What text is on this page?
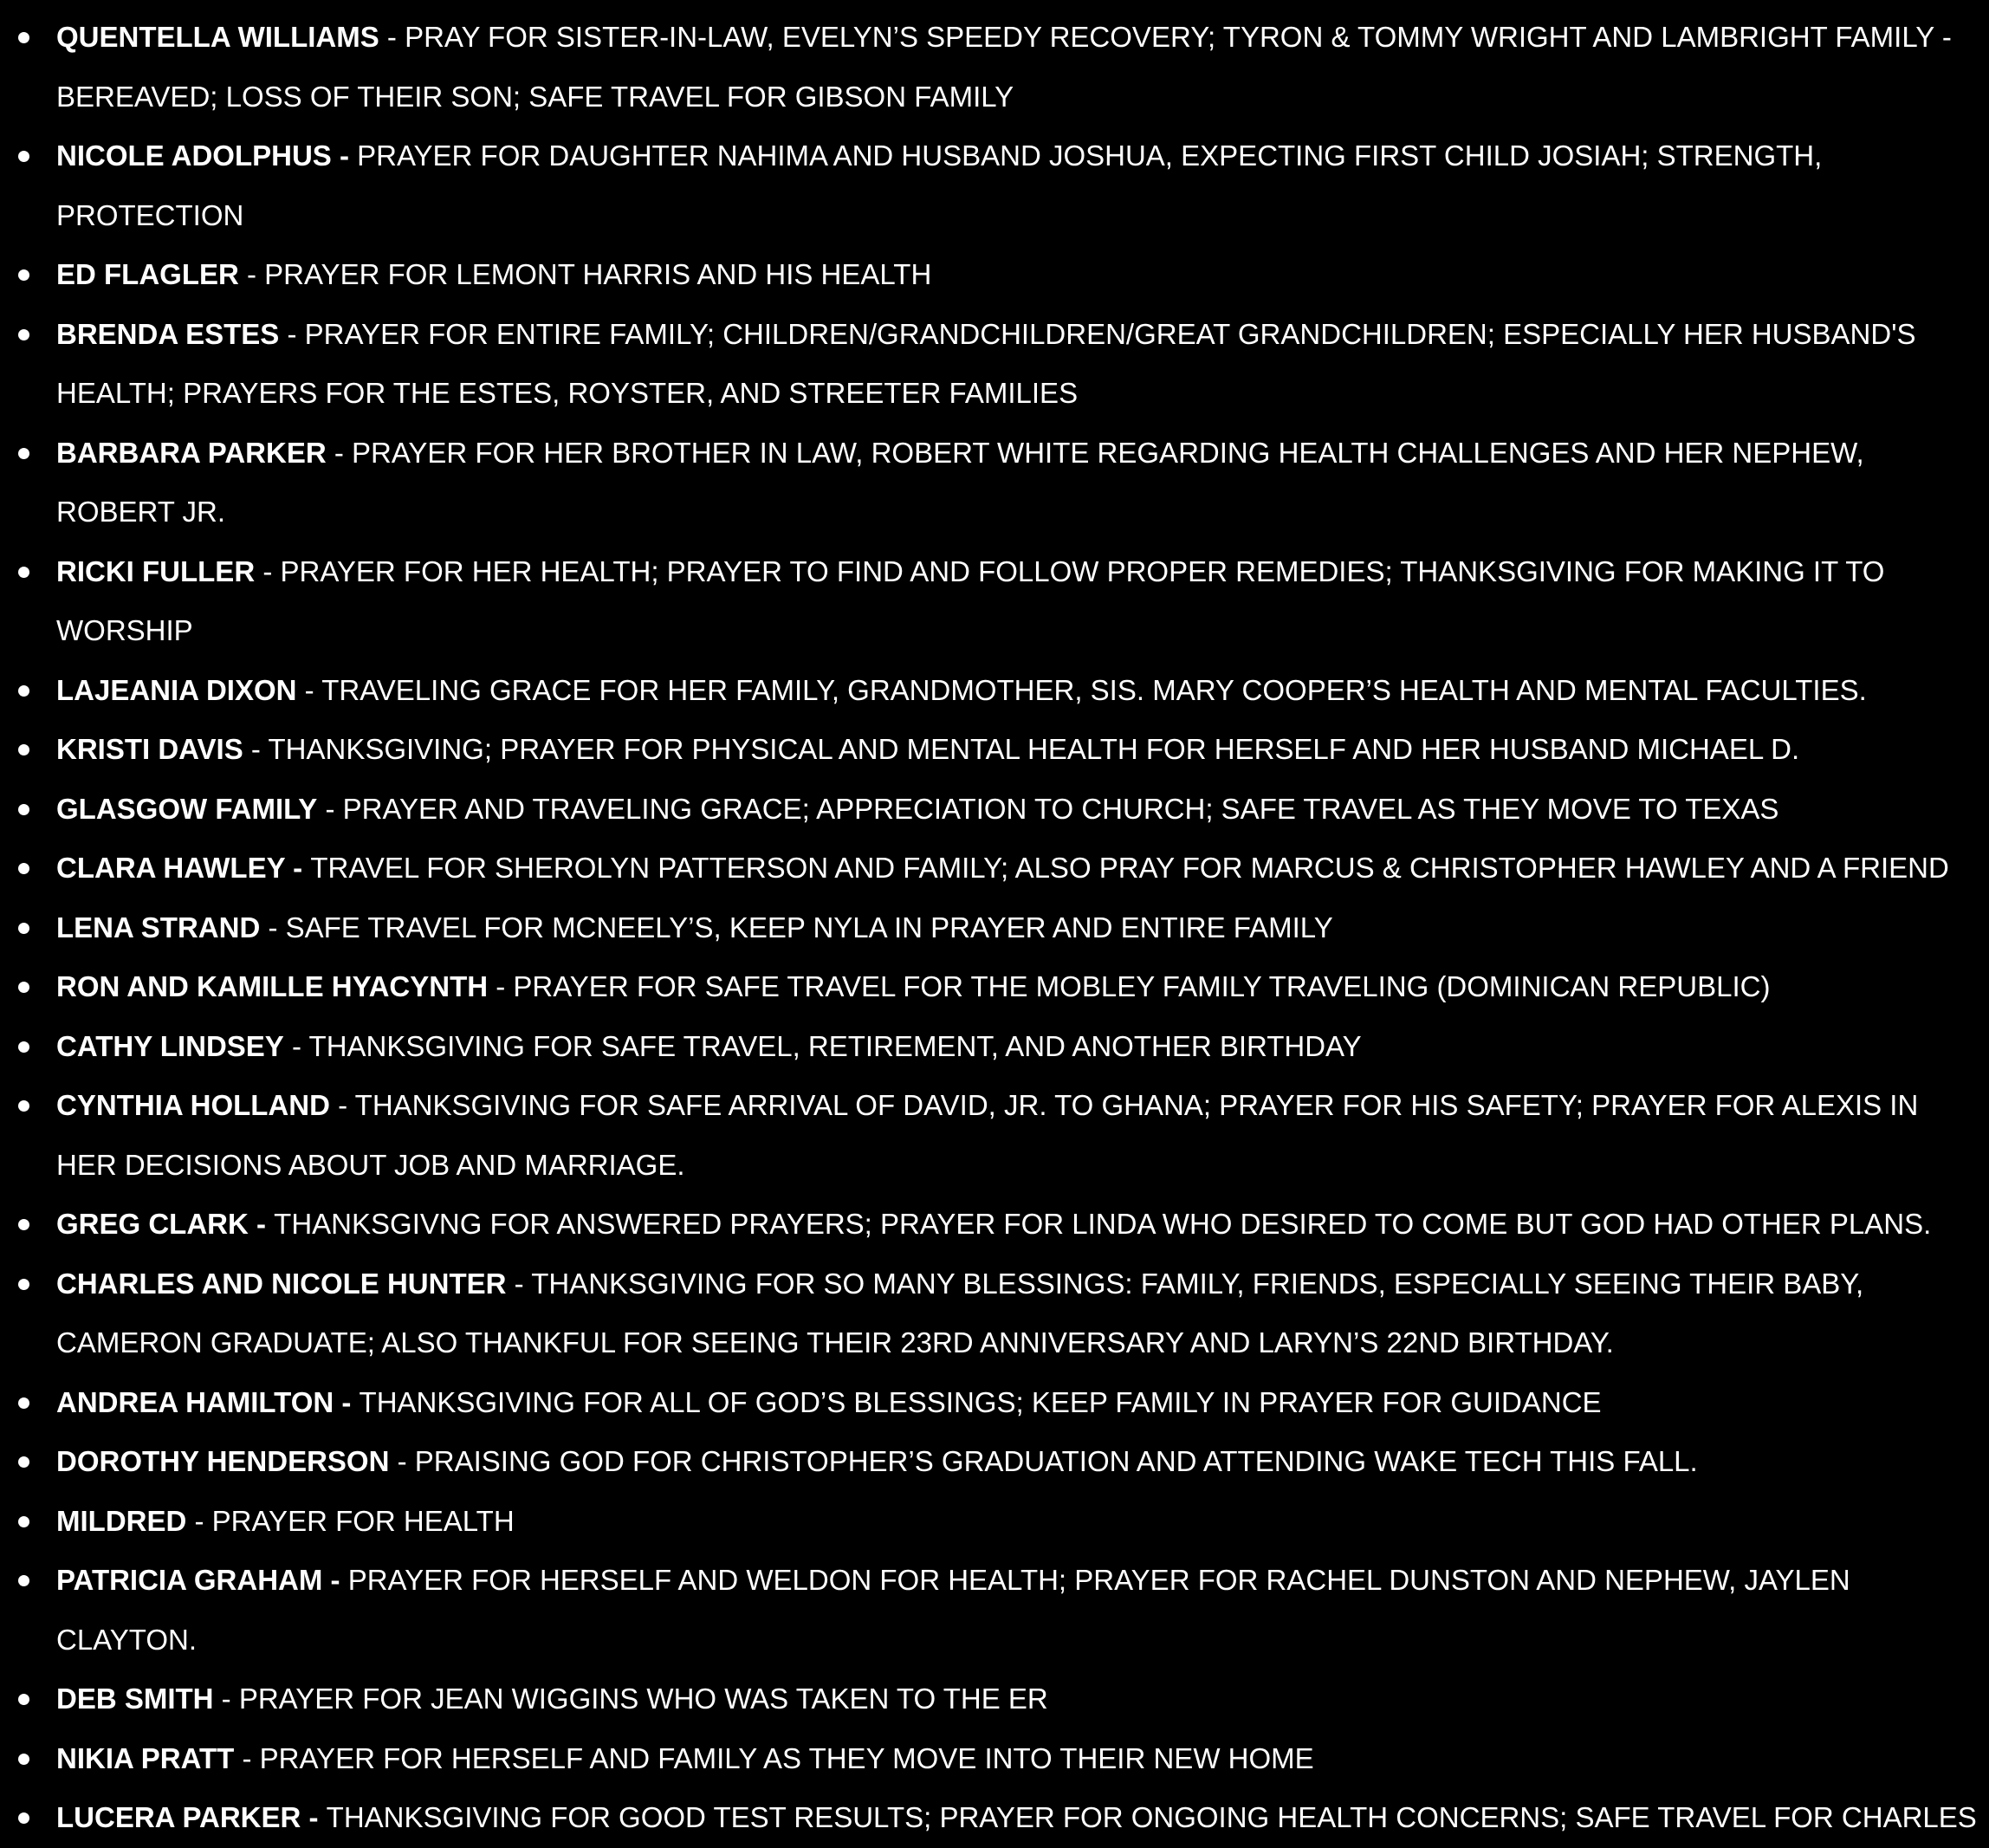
QUENTELLA WILLIAMS - PRAY FOR SISTER-IN-LAW, EVELYN’S SPEEDY RECOVERY; TYRON & TOMMY WRIGHT AND LAMBRIGHT FAMILY - BEREAVED; LOSS OF THEIR SON; SAFE TRAVEL FOR GIBSON FAMILY
NICOLE ADOLPHUS - PRAYER FOR DAUGHTER NAHIMA AND HUSBAND JOSHUA, EXPECTING FIRST CHILD JOSIAH; STRENGTH, PROTECTION
ED FLAGLER - PRAYER FOR LEMONT HARRIS AND HIS HEALTH
BRENDA ESTES - PRAYER FOR ENTIRE FAMILY; CHILDREN/GRANDCHILDREN/GREAT GRANDCHILDREN; ESPECIALLY HER HUSBAND'S HEALTH; PRAYERS FOR THE ESTES, ROYSTER, AND STREETER FAMILIES
BARBARA PARKER - PRAYER FOR HER BROTHER IN LAW, ROBERT WHITE REGARDING HEALTH CHALLENGES AND HER NEPHEW, ROBERT JR.
RICKI FULLER - PRAYER FOR HER HEALTH; PRAYER TO FIND AND FOLLOW PROPER REMEDIES; THANKSGIVING FOR MAKING IT TO WORSHIP
LAJEANIA DIXON - TRAVELING GRACE FOR HER FAMILY, GRANDMOTHER, SIS. MARY COOPER’S HEALTH AND MENTAL FACULTIES.
KRISTI DAVIS - THANKSGIVING; PRAYER FOR PHYSICAL AND MENTAL HEALTH FOR HERSELF AND HER HUSBAND MICHAEL D.
GLASGOW FAMILY - PRAYER AND TRAVELING GRACE; APPRECIATION TO CHURCH; SAFE TRAVEL AS THEY MOVE TO TEXAS
CLARA HAWLEY - TRAVEL FOR SHEROLYN PATTERSON AND FAMILY; ALSO PRAY FOR MARCUS & CHRISTOPHER HAWLEY AND A FRIEND
LENA STRAND - SAFE TRAVEL FOR MCNEELY’S, KEEP NYLA IN PRAYER AND ENTIRE FAMILY
RON AND KAMILLE HYACYNTH - PRAYER FOR SAFE TRAVEL FOR THE MOBLEY FAMILY TRAVELING (DOMINICAN REPUBLIC)
CATHY LINDSEY - THANKSGIVING FOR SAFE TRAVEL, RETIREMENT, AND ANOTHER BIRTHDAY
CYNTHIA HOLLAND - THANKSGIVING FOR SAFE ARRIVAL OF DAVID, JR. TO GHANA; PRAYER FOR HIS SAFETY; PRAYER FOR ALEXIS IN HER DECISIONS ABOUT JOB AND MARRIAGE.
GREG CLARK - THANKSGIVNG FOR ANSWERED PRAYERS; PRAYER FOR LINDA WHO DESIRED TO COME BUT GOD HAD OTHER PLANS.
CHARLES AND NICOLE HUNTER - THANKSGIVING FOR SO MANY BLESSINGS: FAMILY, FRIENDS, ESPECIALLY SEEING THEIR BABY, CAMERON GRADUATE; ALSO THANKFUL FOR SEEING THEIR 23RD ANNIVERSARY AND LARYN’S 22ND BIRTHDAY.
ANDREA HAMILTON - THANKSGIVING FOR ALL OF GOD’S BLESSINGS; KEEP FAMILY IN PRAYER FOR GUIDANCE
DOROTHY HENDERSON - PRAISING GOD FOR CHRISTOPHER’S GRADUATION AND ATTENDING WAKE TECH THIS FALL.
MILDRED - PRAYER FOR HEALTH
PATRICIA GRAHAM - PRAYER FOR HERSELF AND WELDON FOR HEALTH; PRAYER FOR RACHEL DUNSTON AND NEPHEW, JAYLEN CLAYTON.
DEB SMITH - PRAYER FOR JEAN WIGGINS WHO WAS TAKEN TO THE ER
NIKIA PRATT - PRAYER FOR HERSELF AND FAMILY AS THEY MOVE INTO THEIR NEW HOME
LUCERA PARKER - THANKSGIVING FOR GOOD TEST RESULTS; PRAYER FOR ONGOING HEALTH CONCERNS; SAFE TRAVEL FOR CHARLES
